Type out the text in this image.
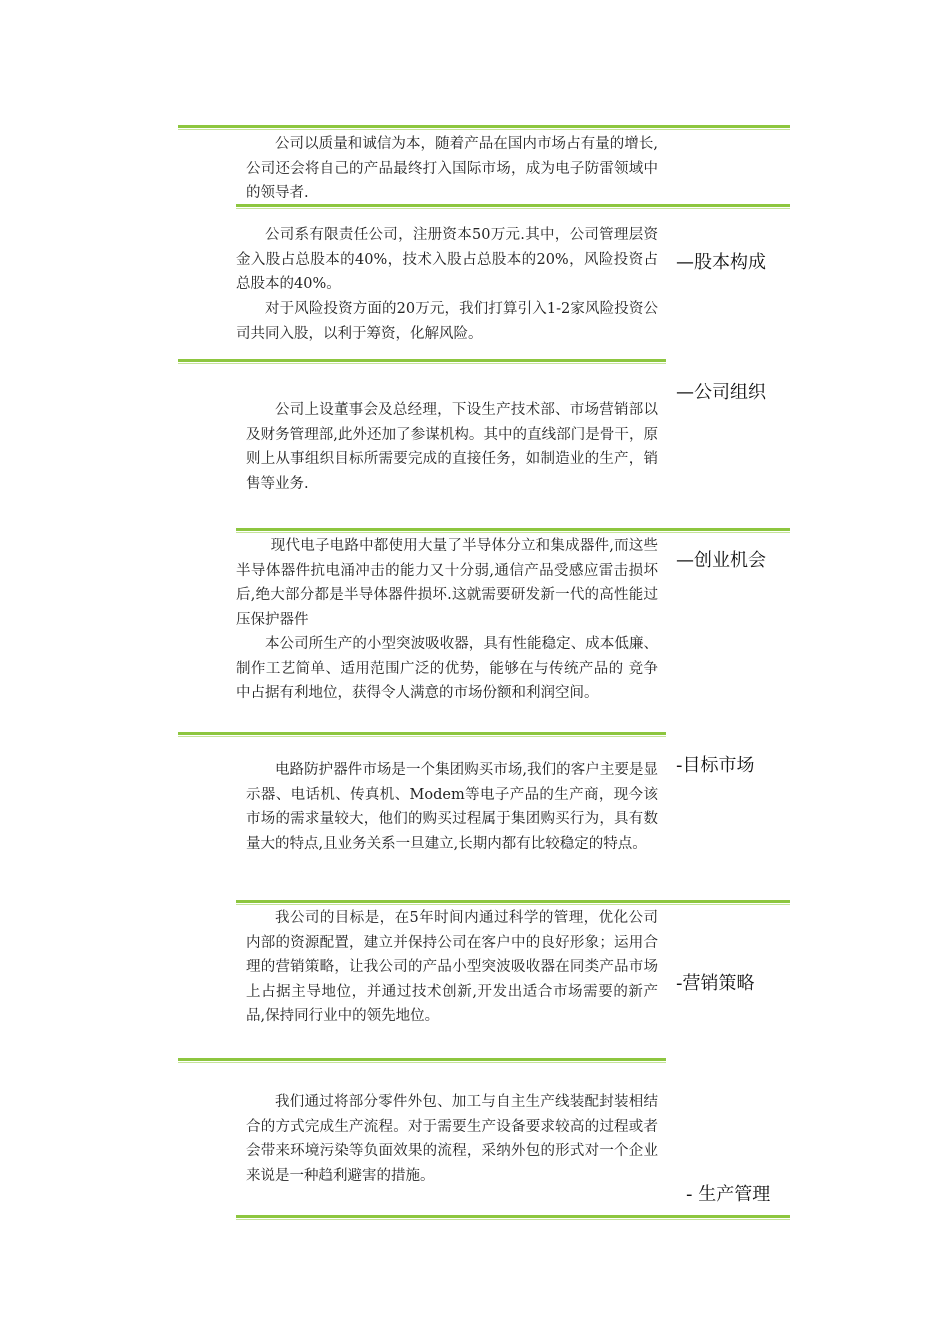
公司以质量和诚信为本，随着产品在国内市场占有量的增长,公司还会将自己的产品最终打入国际市场，成为电子防雷领域中的领导者.

公司系有限责任公司，注册资本50万元.其中，公司管理层资金入股占总股本的40%，技术入股占总股本的20%，风险投资占总股本的40%。

对于风险投资方面的20万元，我们打算引入1-2家风险投资公司共同入股，以利于筹资，化解风险。

—股本构成

公司上设董事会及总经理，下设生产技术部、市场营销部以及财务管理部,此外还加了参谋机构。其中的直线部门是骨干，原则上从事组织目标所需要完成的直接任务，如制造业的生产，销售等业务.

—公司组织

现代电子电路中都使用大量了半导体分立和集成器件,而这些半导体器件抗电涌冲击的能力又十分弱,通信产品受感应雷击损坏后,绝大部分都是半导体器件损坏.这就需要研发新一代的高性能过压保护器件

本公司所生产的小型突波吸收器，具有性能稳定、成本低廉、制作工艺简单、适用范围广泛的优势，能够在与传统产品的 竞争中占据有利地位，获得令人满意的市场份额和利润空间。

—创业机会

电路防护器件市场是一个集团购买市场,我们的客户主要是显示器、电话机、传真机、Modem等电子产品的生产商，现今该市场的需求量较大，他们的购买过程属于集团购买行为，具有数量大的特点,且业务关系一旦建立,长期内都有比较稳定的特点。

-目标市场

我公司的目标是，在5年时间内通过科学的管理，优化公司内部的资源配置，建立并保持公司在客户中的良好形象；运用合理的营销策略，让我公司的产品小型突波吸收器在同类产品市场上占据主导地位，并通过技术创新,开发出适合市场需要的新产品,保持同行业中的领先地位。

-营销策略

我们通过将部分零件外包、加工与自主生产线装配封装相结合的方式完成生产流程。对于需要生产设备要求较高的过程或者会带来环境污染等负面效果的流程，采纳外包的形式对一个企业来说是一种趋利避害的措施。

- 生产管理
